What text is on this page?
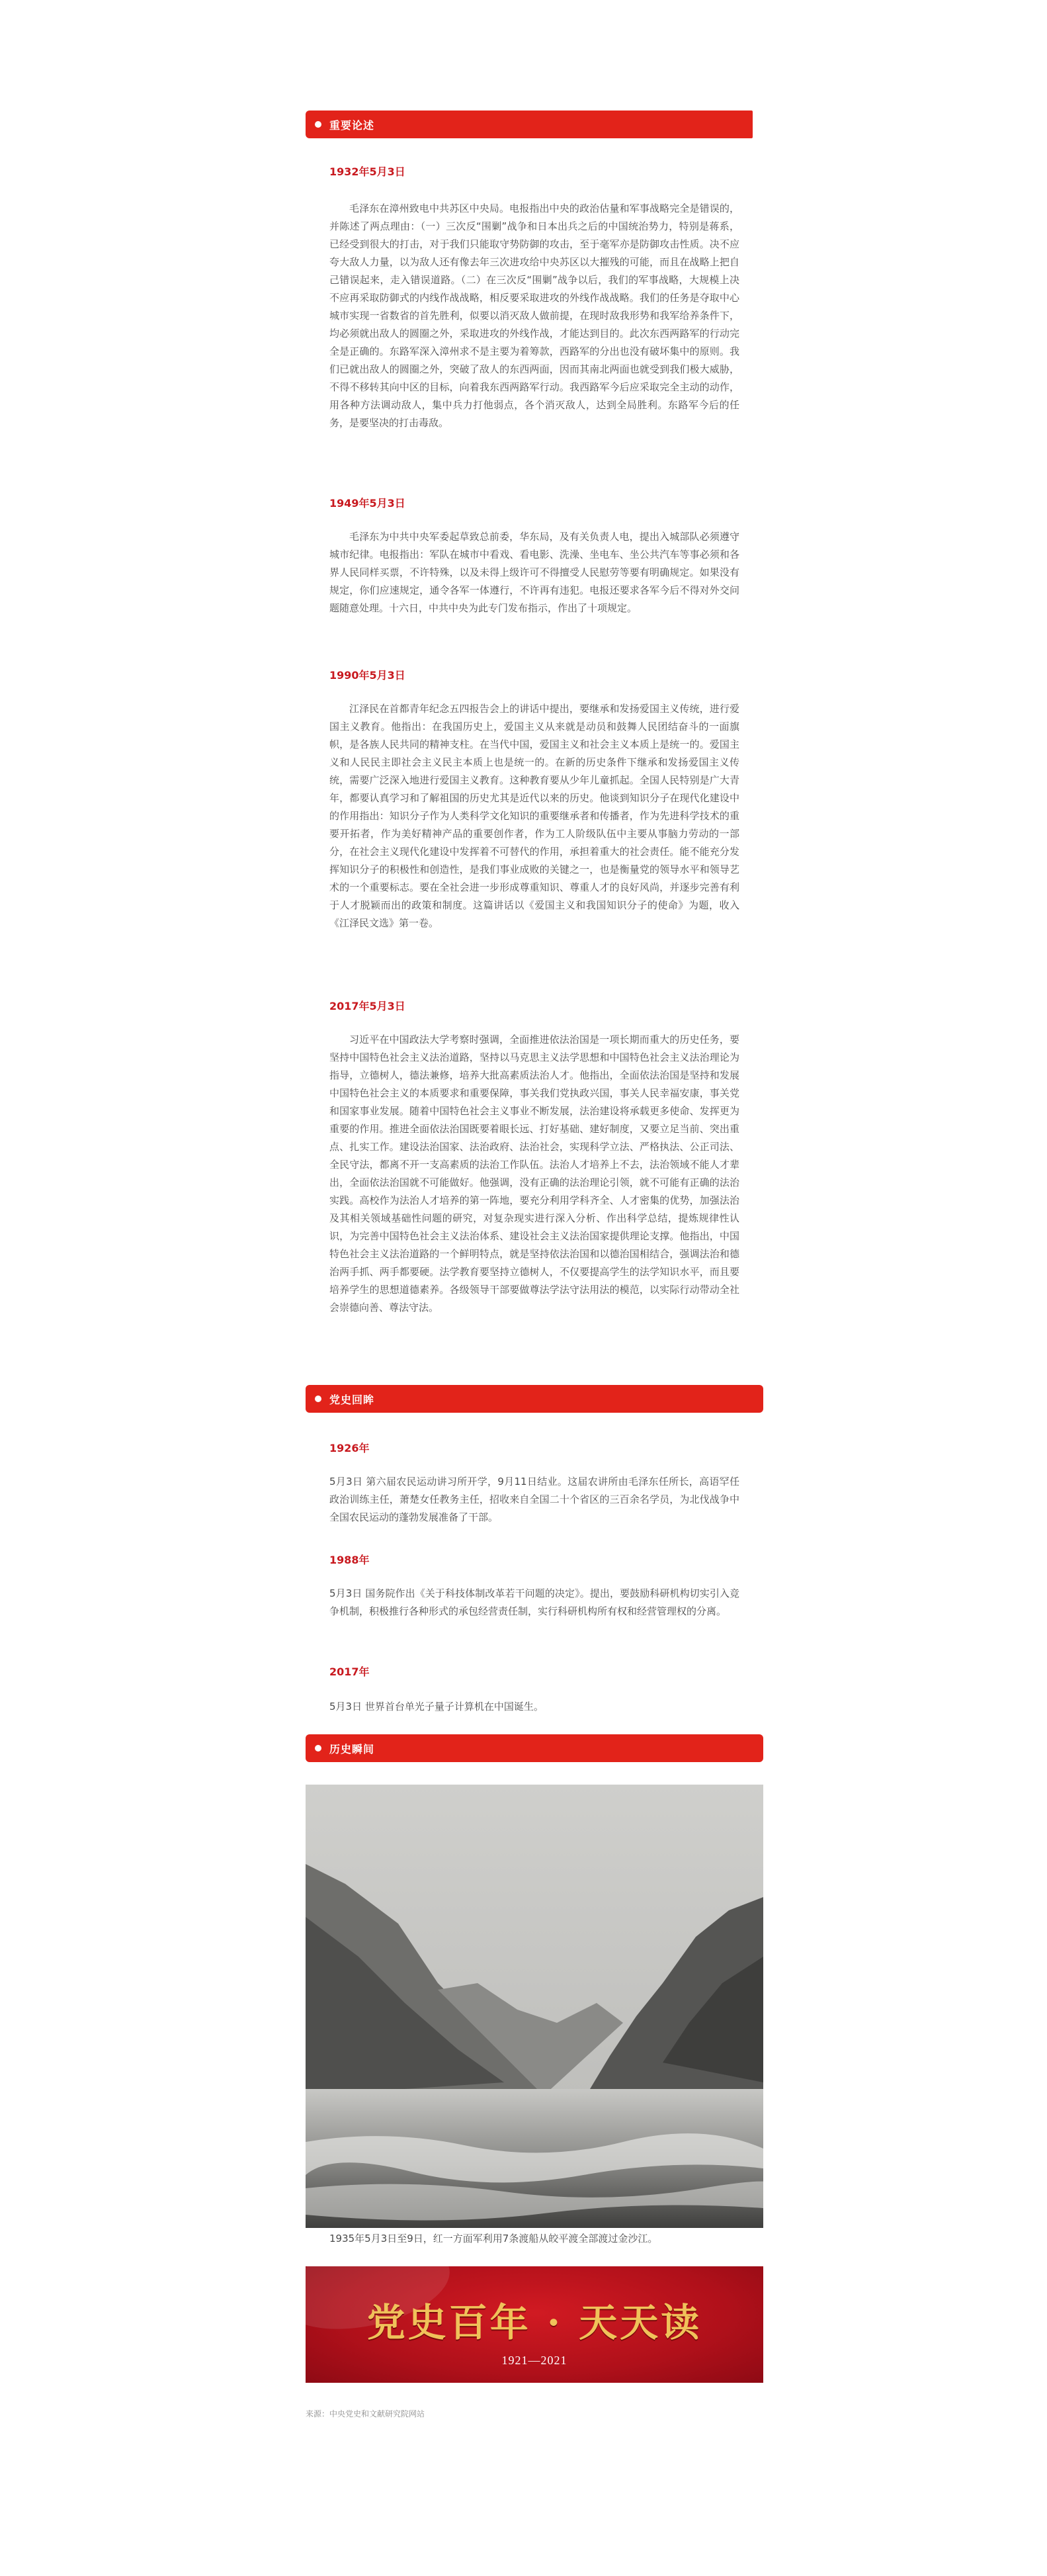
重要论述

1932年5月3日

毛泽东在漳州致电中共苏区中央局。电报指出中央的政治估量和军事战略完全是错误的，并陈述了两点理由：（一）三次反“围剿”战争和日本出兵之后的中国统治势力，特别是蒋系，已经受到很大的打击，对于我们只能取守势防御的攻击，至于毫军亦是防御攻击性质。决不应夸大敌人力量，以为敌人还有像去年三次进攻给中央苏区以大摧残的可能，而且在战略上把自己错误起来，走入错误道路。（二）在三次反“围剿”战争以后，我们的军事战略，大规模上决不应再采取防御式的内线作战战略，相反要采取进攻的外线作战战略。我们的任务是夺取中心城市实现一省数省的首先胜利，似要以消灭敌人做前提，在现时敌我形势和我军给养条件下，均必须就出敌人的圆圈之外，采取进攻的外线作战，才能达到目的。此次东西两路军的行动完全是正确的。东路军深入漳州求不是主要为着筹款，西路军的分出也没有破坏集中的原则。我们已就出敌人的圆圈之外，突破了敌人的东西两面，因而其南北两面也就受到我们极大威胁，不得不移转其向中区的目标，向着我东西两路军行动。我西路军今后应采取完全主动的动作，用各种方法调动敌人，集中兵力打他弱点，各个消灭敌人，达到全局胜利。东路军今后的任务，是要坚决的打击毒敌。

1949年5月3日

毛泽东为中共中央军委起草致总前委，华东局，及有关负责人电，提出入城部队必须遵守城市纪律。电报指出：军队在城市中看戏、看电影、洗澡、坐电车、坐公共汽车等事必须和各界人民同样买票，不许特殊，以及未得上级许可不得擅受人民慰劳等要有明确规定。如果没有规定，你们应速规定，通令各军一体遵行，不许再有违犯。电报还要求各军今后不得对外交问题随意处理。十六日，中共中央为此专门发布指示，作出了十项规定。

1990年5月3日

江泽民在首都青年纪念五四报告会上的讲话中提出，要继承和发扬爱国主义传统，进行爱国主义教育。他指出：在我国历史上，爱国主义从来就是动员和鼓舞人民团结奋斗的一面旗帜，是各族人民共同的精神支柱。在当代中国，爱国主义和社会主义本质上是统一的。爱国主义和人民民主即社会主义民主本质上也是统一的。在新的历史条件下继承和发扬爱国主义传统，需要广泛深入地进行爱国主义教育。这种教育要从少年儿童抓起。全国人民特别是广大青年，都要认真学习和了解祖国的历史尤其是近代以来的历史。他谈到知识分子在现代化建设中的作用指出：知识分子作为人类科学文化知识的重要继承者和传播者，作为先进科学技术的重要开拓者，作为美好精神产品的重要创作者，作为工人阶级队伍中主要从事脑力劳动的一部分，在社会主义现代化建设中发挥着不可替代的作用，承担着重大的社会责任。能不能充分发挥知识分子的积极性和创造性，是我们事业成败的关键之一，也是衡量党的领导水平和领导艺术的一个重要标志。要在全社会进一步形成尊重知识、尊重人才的良好风尚，并逐步完善有利于人才脱颖而出的政策和制度。这篇讲话以《爱国主义和我国知识分子的使命》为题，收入《江泽民文选》第一卷。

2017年5月3日

习近平在中国政法大学考察时强调，全面推进依法治国是一项长期而重大的历史任务，要坚持中国特色社会主义法治道路，坚持以马克思主义法学思想和中国特色社会主义法治理论为指导，立德树人，德法兼修，培养大批高素质法治人才。他指出，全面依法治国是坚持和发展中国特色社会主义的本质要求和重要保障，事关我们党执政兴国，事关人民幸福安康，事关党和国家事业发展。随着中国特色社会主义事业不断发展，法治建设将承载更多使命、发挥更为重要的作用。推进全面依法治国既要着眼长远、打好基础、建好制度，又要立足当前、突出重点、扎实工作。建设法治国家、法治政府、法治社会，实现科学立法、严格执法、公正司法、全民守法，都离不开一支高素质的法治工作队伍。法治人才培养上不去，法治领域不能人才辈出，全面依法治国就不可能做好。他强调，没有正确的法治理论引领，就不可能有正确的法治实践。高校作为法治人才培养的第一阵地，要充分利用学科齐全、人才密集的优势，加强法治及其相关领域基础性问题的研究，对复杂现实进行深入分析、作出科学总结，提炼规律性认识，为完善中国特色社会主义法治体系、建设社会主义法治国家提供理论支撑。他指出，中国特色社会主义法治道路的一个鲜明特点，就是坚持依法治国和以德治国相结合，强调法治和德治两手抓、两手都要硬。法学教育要坚持立德树人，不仅要提高学生的法学知识水平，而且要培养学生的思想道德素养。各级领导干部要做尊法学法守法用法的模范，以实际行动带动全社会崇德向善、尊法守法。

党史回眸

1926年

5月3日 第六届农民运动讲习所开学，9月11日结业。这届农讲所由毛泽东任所长，高语罕任政治训练主任，萧楚女任教务主任，招收来自全国二十个省区的三百余名学员，为北伐战争中全国农民运动的蓬勃发展准备了干部。

1988年

5月3日 国务院作出《关于科技体制改革若干问题的决定》。提出，要鼓励科研机构切实引入竞争机制，积极推行各种形式的承包经营责任制，实行科研机构所有权和经营管理权的分离。

2017年

5月3日 世界首台单光子量子计算机在中国诞生。

历史瞬间

1935年5月3日至9日，红一方面军利用7条渡船从皎平渡全部渡过金沙江。

党史百年 · 天天读
1921—2021

来源：中央党史和文献研究院网站
